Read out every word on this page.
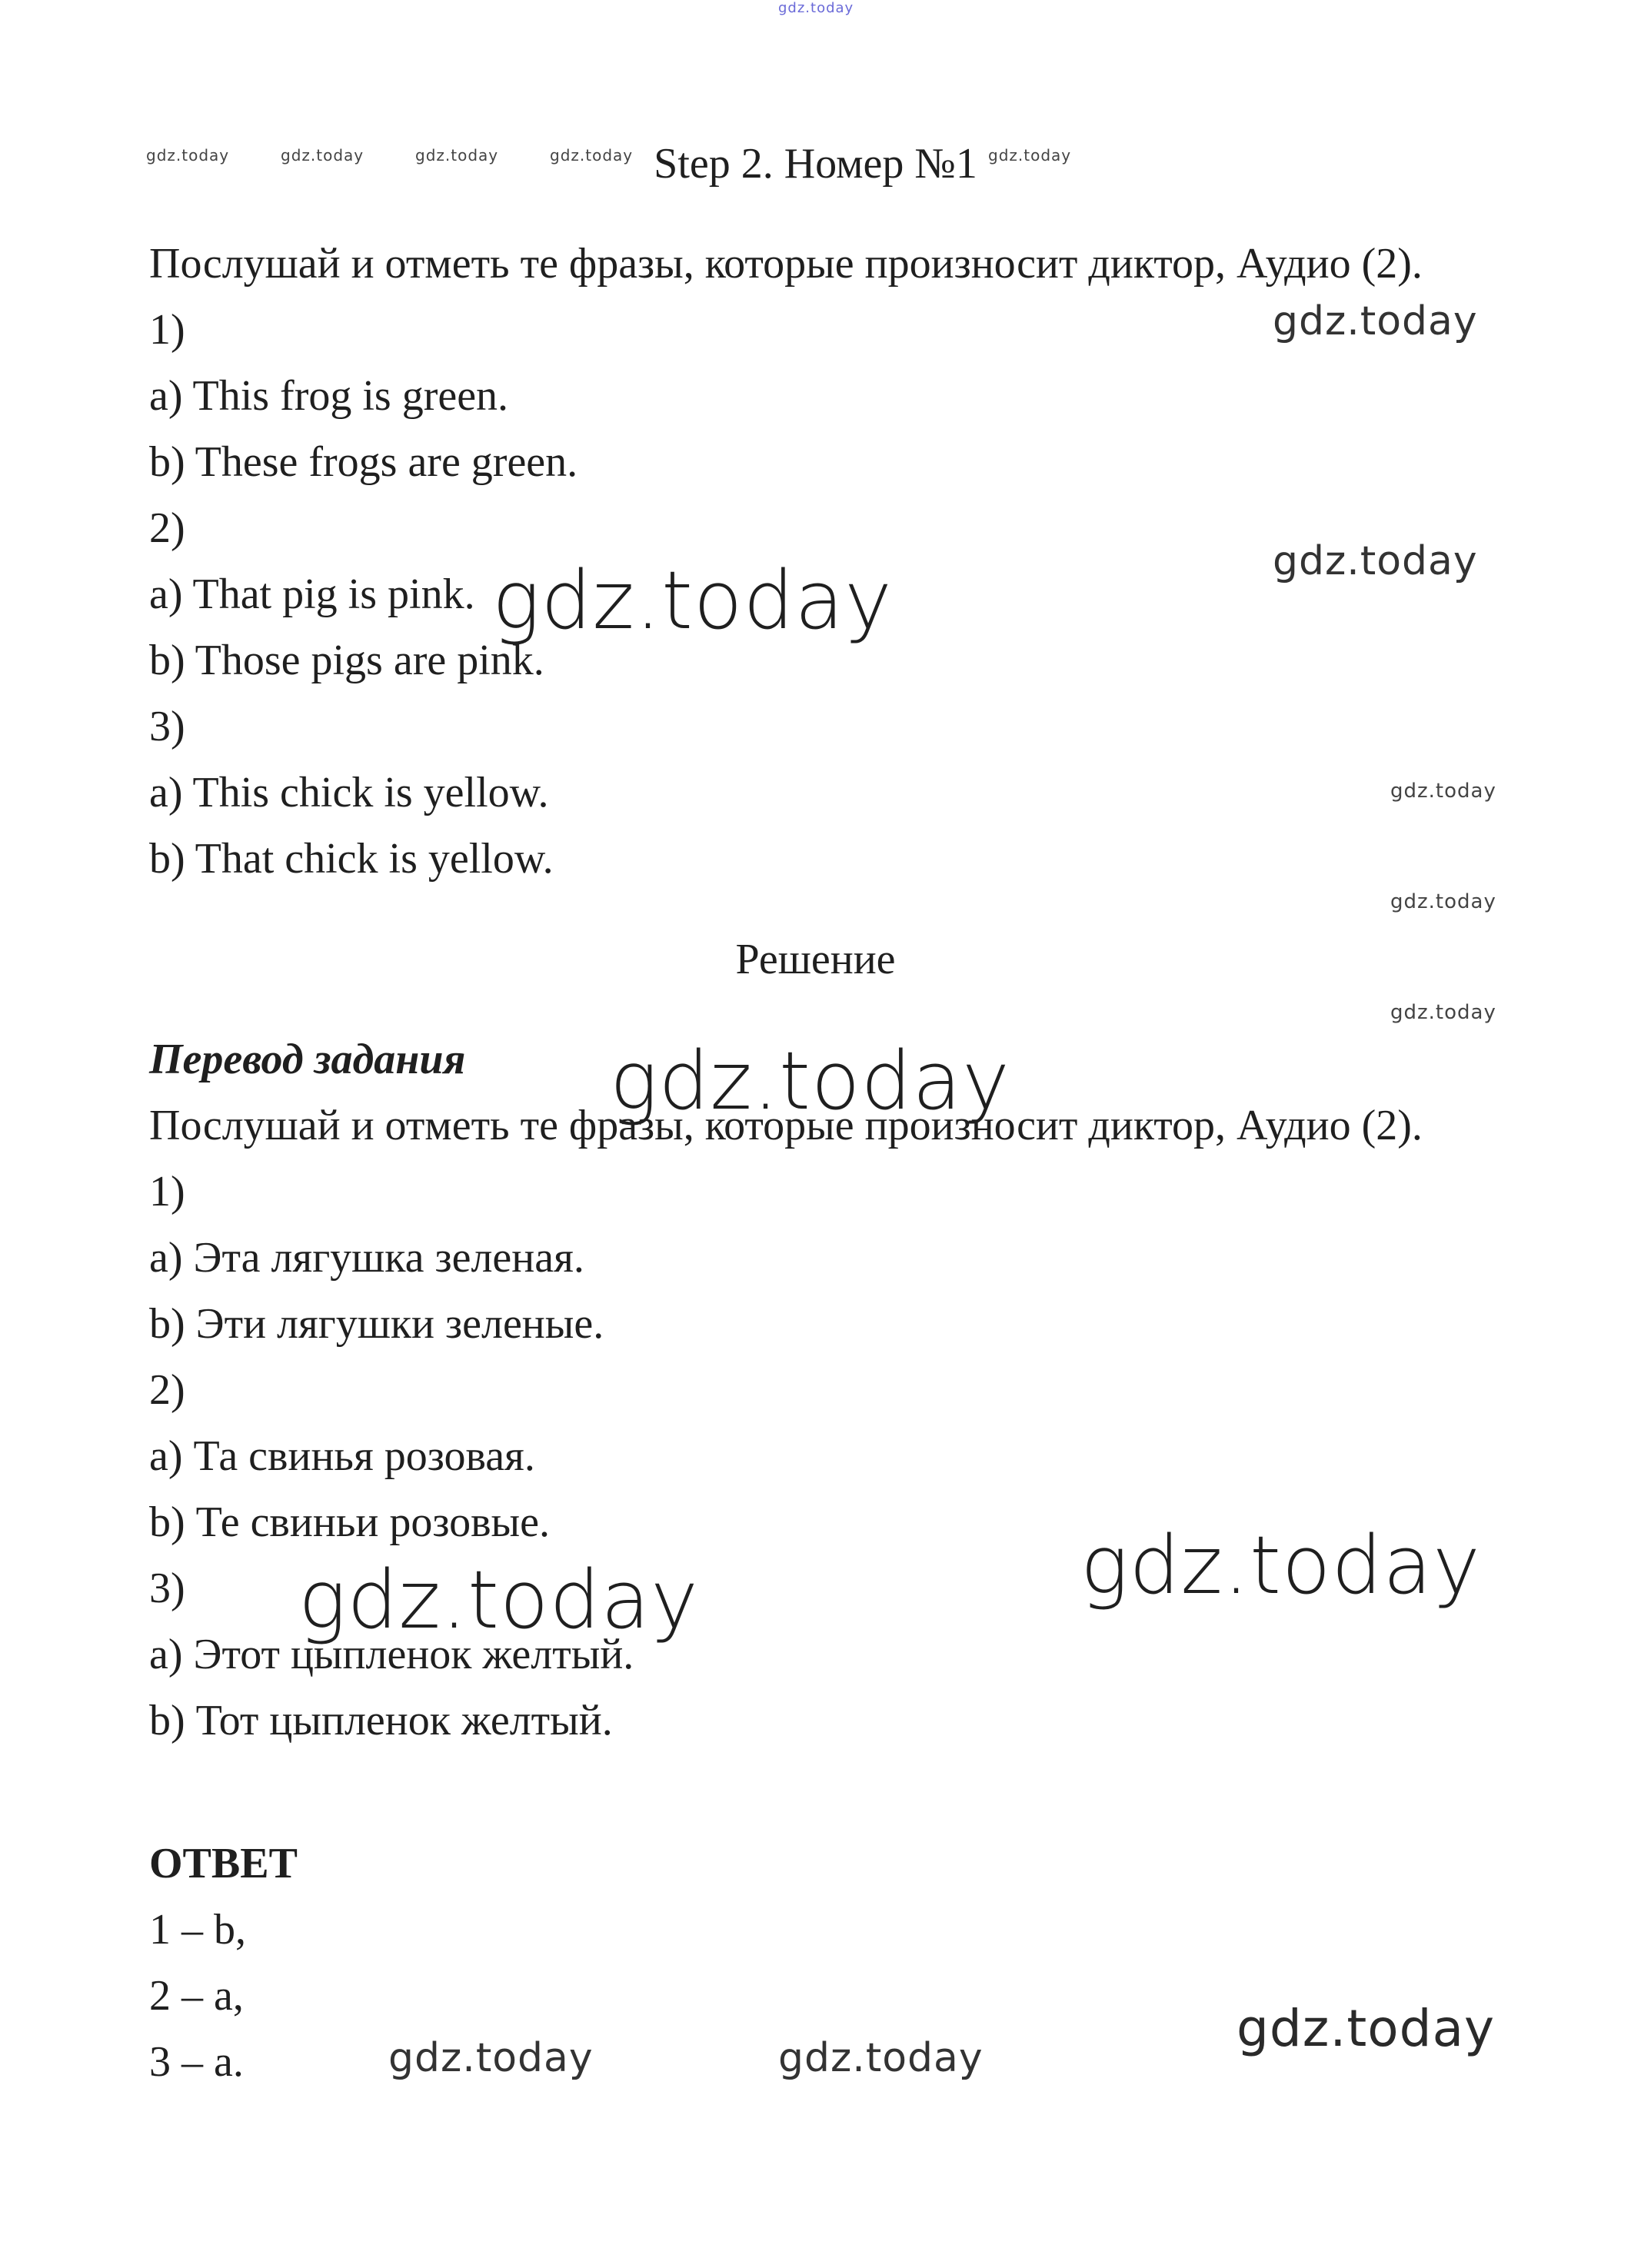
Step 2. Номер №1
Послушай и отметь те фразы, которые произносит диктор, Аудио (2).
1)
a) This frog is green.
b) These frogs are green.
2)
a) That pig is pink.
b) Those pigs are pink.
3)
a) This chick is yellow.
b) That chick is yellow.
Решение
Перевод задания
Послушай и отметь те фразы, которые произносит диктор, Аудио (2).
1)
a) Эта лягушка зеленая.
b) Эти лягушки зеленые.
2)
a) Та свинья розовая.
b) Те свиньи розовые.
3)
a) Этот цыпленок желтый.
b) Тот цыпленок желтый.
ОТВЕТ
1 – b,
2 – a,
3 – a.
gdz.today
gdz.today	gdz.today	gdz.today	gdz.today	gdz.today
gdz.today
gdz.today
gdz.today
gdz.today
gdz.today
gdz.today
gdz.today
gdz.today
gdz.today
gdz.today	gdz.today	gdz.today
